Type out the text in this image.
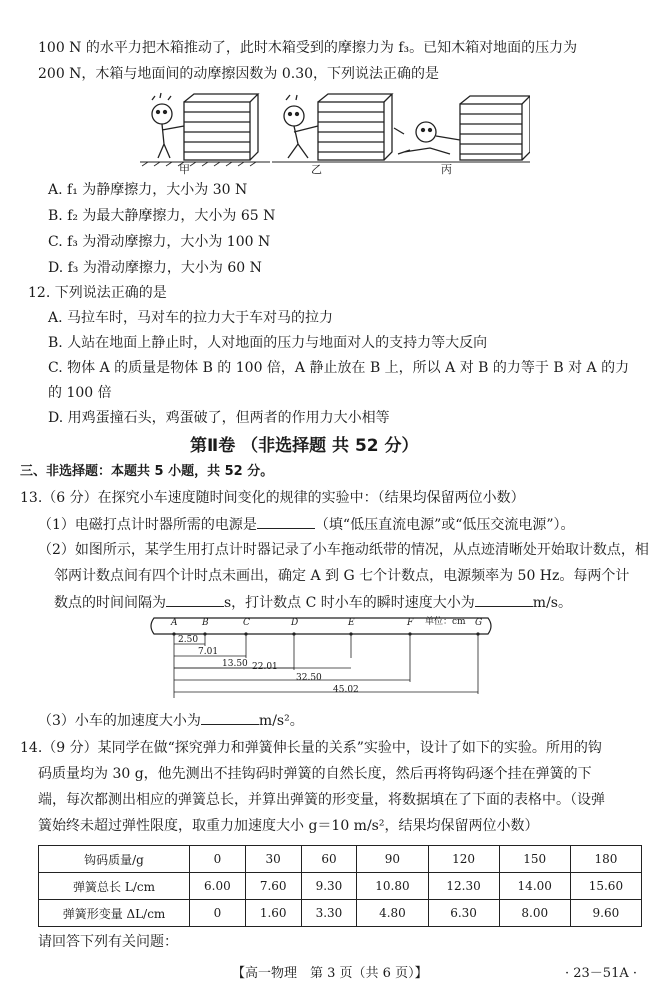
100 N 的水平力把木箱推动了，此时木箱受到的摩擦力为 f₃。已知木箱对地面的压力为
200 N，木箱与地面间的动摩擦因数为 0.30，下列说法正确的是
甲	乙	丙
A. f₁ 为静摩擦力，大小为 30 N
B. f₂ 为最大静摩擦力，大小为 65 N
C. f₃ 为滑动摩擦力，大小为 100 N
D. f₃ 为滑动摩擦力，大小为 60 N
12. 下列说法正确的是
A. 马拉车时，马对车的拉力大于车对马的拉力
B. 人站在地面上静止时，人对地面的压力与地面对人的支持力等大反向
C. 物体 A 的质量是物体 B 的 100 倍，A 静止放在 B 上，所以 A 对 B 的力等于 B 对 A 的力
的 100 倍
D. 用鸡蛋撞石头，鸡蛋破了，但两者的作用力大小相等
第Ⅱ卷 （非选择题 共 52 分）
三、非选择题：本题共 5 小题，共 52 分。
13.（6 分）在探究小车速度随时间变化的规律的实验中：（结果均保留两位小数）
（1）电磁打点计时器所需的电源是	（填“低压直流电源”或“低压交流电源”）。
（2）如图所示，某学生用打点计时器记录了小车拖动纸带的情况，从点迹清晰处开始取计数点，相
邻两计数点间有四个计时点未画出，确定 A 到 G 七个计数点，电源频率为 50 Hz。每两个计
数点的时间间隔为	s，打计数点 C 时小车的瞬时速度大小为	m/s。
A	B	C	D	E	F 单位：cm G
2.50
7.01
13.50 22.01
32.50
45.02
（3）小车的加速度大小为	m/s²。
14.（9 分）某同学在做“探究弹力和弹簧伸长量的关系”实验中，设计了如下的实验。所用的钩
码质量均为 30 g，他先测出不挂钩码时弹簧的自然长度，然后再将钩码逐个挂在弹簧的下
端，每次都测出相应的弹簧总长，并算出弹簧的形变量，将数据填在了下面的表格中。（设弹
簧始终未超过弹性限度，取重力加速度大小 g＝10 m/s²，结果均保留两位小数）
钩码质量/g	0	30	60	90	120	150	180
弹簧总长 L/cm	6.00	7.60	9.30	10.80	12.30	14.00	15.60
弹簧形变量 ΔL/cm	0	1.60	3.30	4.80	6.30	8.00	9.60
请回答下列有关问题：
【高一物理　第 3 页（共 6 页）】	· 23－51A ·
